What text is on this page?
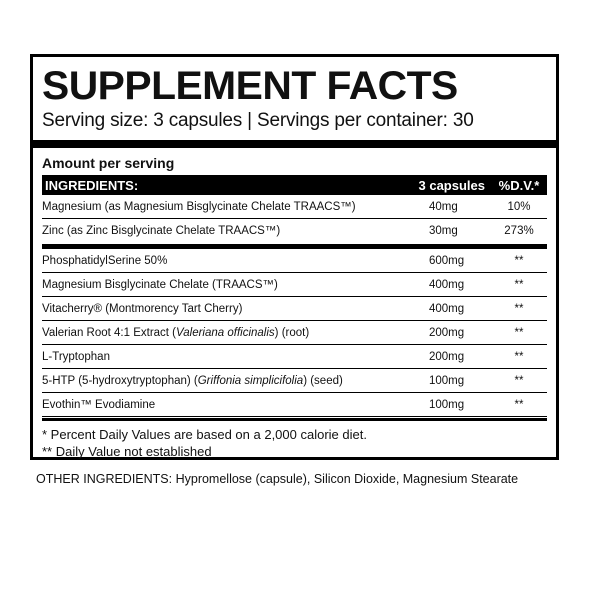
SUPPLEMENT FACTS
Serving size: 3 capsules | Servings per container: 30
Amount per serving
INGREDIENTS:	3 capsules	%D.V.*
Magnesium (as Magnesium Bisglycinate Chelate TRAACS™)	40mg	10%
Zinc (as Zinc Bisglycinate Chelate TRAACS™)	30mg	273%
PhosphatidylSerine 50%	600mg	**
Magnesium Bisglycinate Chelate (TRAACS™)	400mg	**
Vitacherry® (Montmorency Tart Cherry)	400mg	**
Valerian Root 4:1 Extract (Valeriana officinalis) (root)	200mg	**
L-Tryptophan	200mg	**
5-HTP (5-hydroxytryptophan) (Griffonia simplicifolia) (seed)	100mg	**
Evothin™ Evodiamine	100mg	**
* Percent Daily Values are based on a 2,000 calorie diet.
** Daily Value not established
OTHER INGREDIENTS: Hypromellose (capsule), Silicon Dioxide, Magnesium Stearate
